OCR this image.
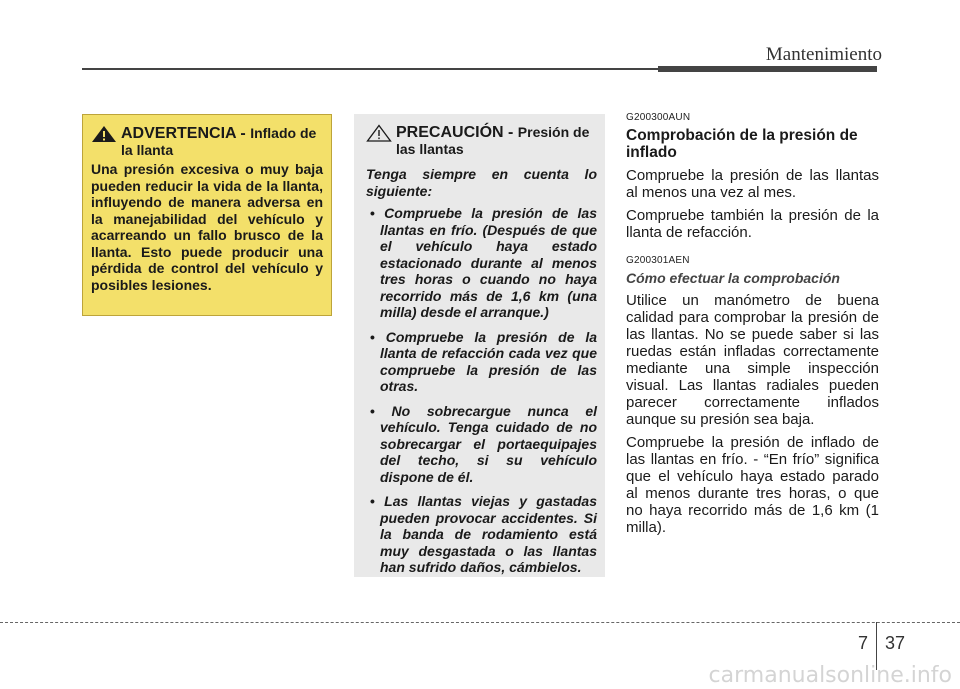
Mantenimiento
ADVERTENCIA - Inflado de la llanta
Una presión excesiva o muy baja pueden reducir la vida de la llanta, influyendo de manera adversa en la manejabilidad del vehículo y acarreando un fallo brusco de la llanta. Esto puede producir una pérdida de control del vehículo y posibles lesiones.
PRECAUCIÓN - Presión de las llantas
Tenga siempre en cuenta lo siguiente:
• Compruebe la presión de las llantas en frío. (Después de que el vehículo haya estado estacionado durante al menos tres horas o cuando no haya recorrido más de 1,6 km (una milla) desde el arranque.)
• Compruebe la presión de la llanta de refacción cada vez que compruebe la presión de las otras.
• No sobrecargue nunca el vehículo. Tenga cuidado de no sobrecargar el portaequipajes del techo, si su vehículo dispone de él.
• Las llantas viejas y gastadas pueden provocar accidentes. Si la banda de rodamiento está muy desgastada o las llantas han sufrido daños, cámbielos.
G200300AUN
Comprobación de la presión de inflado

Compruebe la presión de las llantas al menos una vez al mes.

Compruebe también la presión de la llanta de refacción.

G200301AEN
Cómo efectuar la comprobación

Utilice un manómetro de buena calidad para comprobar la presión de las llantas. No se puede saber si las ruedas están infladas correctamente mediante una simple inspección visual. Las llantas radiales pueden parecer correctamente inflados aunque su presión sea baja.

Compruebe la presión de inflado de las llantas en frío. - “En frío” significa que el vehículo haya estado parado al menos durante tres horas, o que no haya recorrido más de 1,6 km (1 milla).

7 37
carmanualsonline.info
